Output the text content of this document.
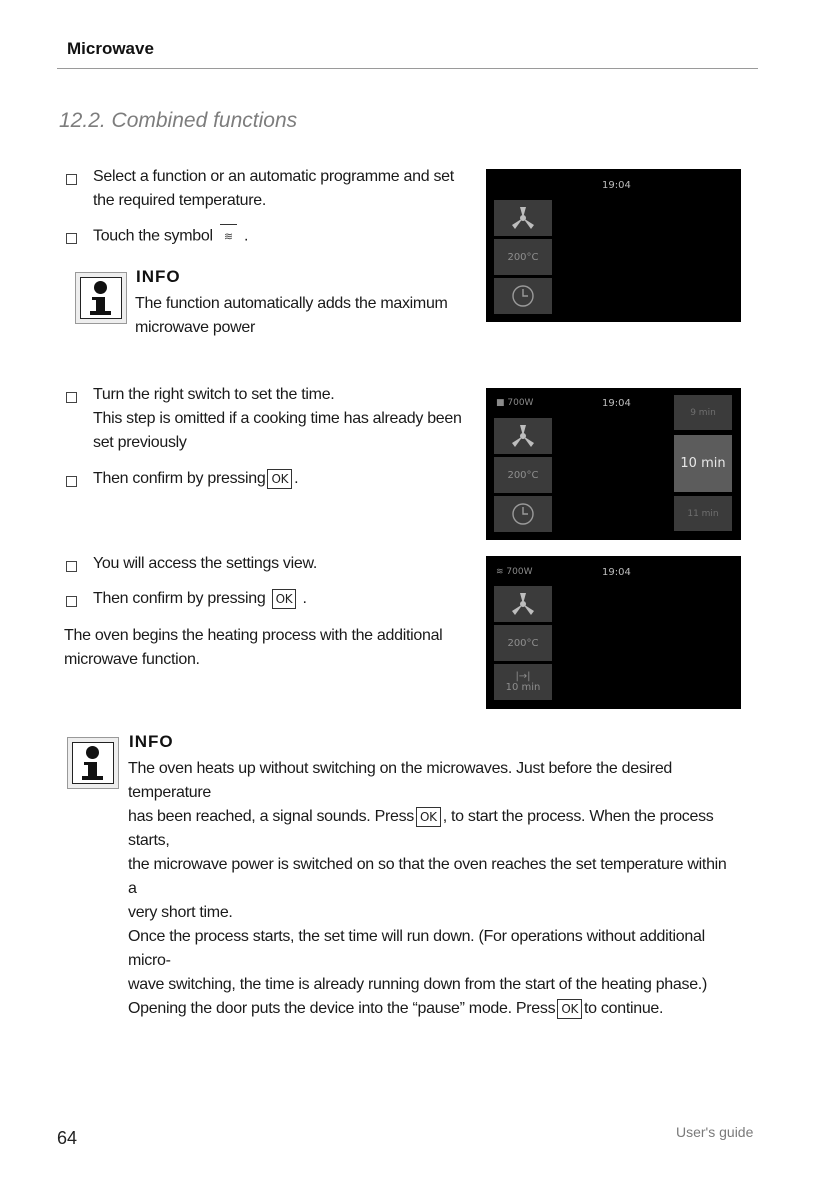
Microwave
12.2. Combined functions
Select a function or an automatic programme and set
the required temperature.
Touch the symbol ≋ .
INFO
The function automatically adds the maximum
microwave power
19:04
200°C
Turn the right switch to set the time.
This step is omitted if a cooking time has already been
set previously
Then confirm by pressing OK .
■ 700W	19:04
200°C
9 min
10 min
11 min
You will access the settings view.
Then confirm by pressing OK .
The oven begins the heating process with the additional
microwave function.
≋ 700W	19:04
200°C
|→|
10 min
INFO
The oven heats up without switching on the microwaves. Just before the desired temperature
has been reached, a signal sounds. Press OK , to start the process. When the process starts,
the microwave power is switched on so that the oven reaches the set temperature within a
very short time.
Once the process starts, the set time will run down. (For operations without additional micro-
wave switching, the time is already running down from the start of the heating phase.)
Opening the door puts the device into the “pause” mode. Press OK to continue.
64	User's guide
